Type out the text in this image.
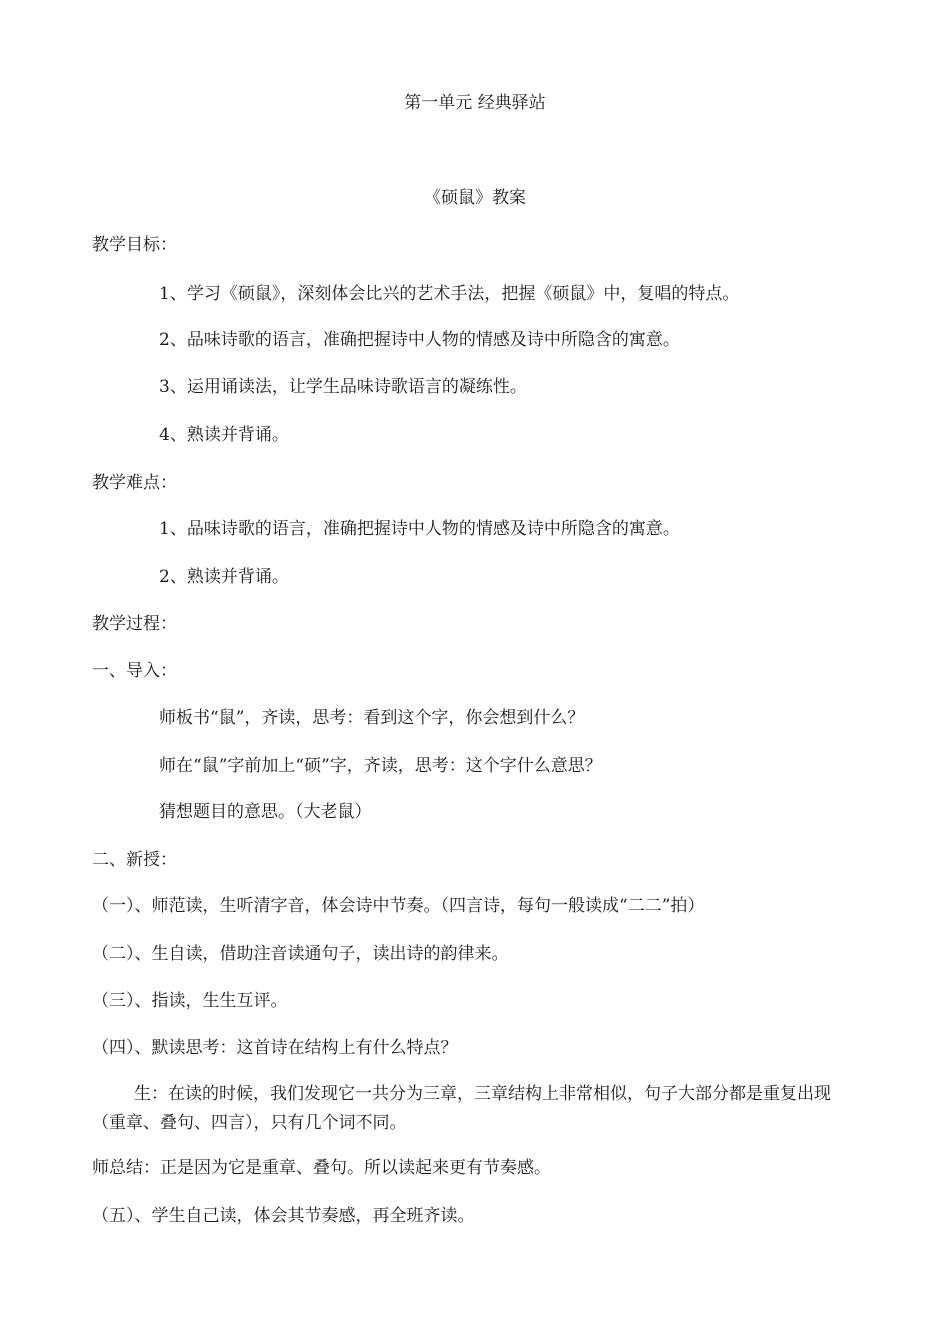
第一单元 经典驿站
《硕鼠》教案
教学目标：
1、学习《硕鼠》，深刻体会比兴的艺术手法，把握《硕鼠》中，复唱的特点。
2、品味诗歌的语言，准确把握诗中人物的情感及诗中所隐含的寓意。
3、运用诵读法，让学生品味诗歌语言的凝练性。
4、熟读并背诵。
教学难点：
1、品味诗歌的语言，准确把握诗中人物的情感及诗中所隐含的寓意。
2、熟读并背诵。
教学过程：
一、导入：
师板书“鼠”，齐读，思考：看到这个字，你会想到什么？
师在“鼠”字前加上“硕”字，齐读，思考：这个字什么意思？
猜想题目的意思。（大老鼠）
二、新授：
（一）、师范读，生听清字音，体会诗中节奏。（四言诗，每句一般读成“二二”拍）
（二）、生自读，借助注音读通句子，读出诗的韵律来。
（三）、指读，生生互评。
（四）、默读思考：这首诗在结构上有什么特点？
生：在读的时候，我们发现它一共分为三章，三章结构上非常相似，句子大部分都是重复出现（重章、叠句、四言），只有几个词不同。
师总结：正是因为它是重章、叠句。所以读起来更有节奏感。
（五）、学生自己读，体会其节奏感，再全班齐读。
